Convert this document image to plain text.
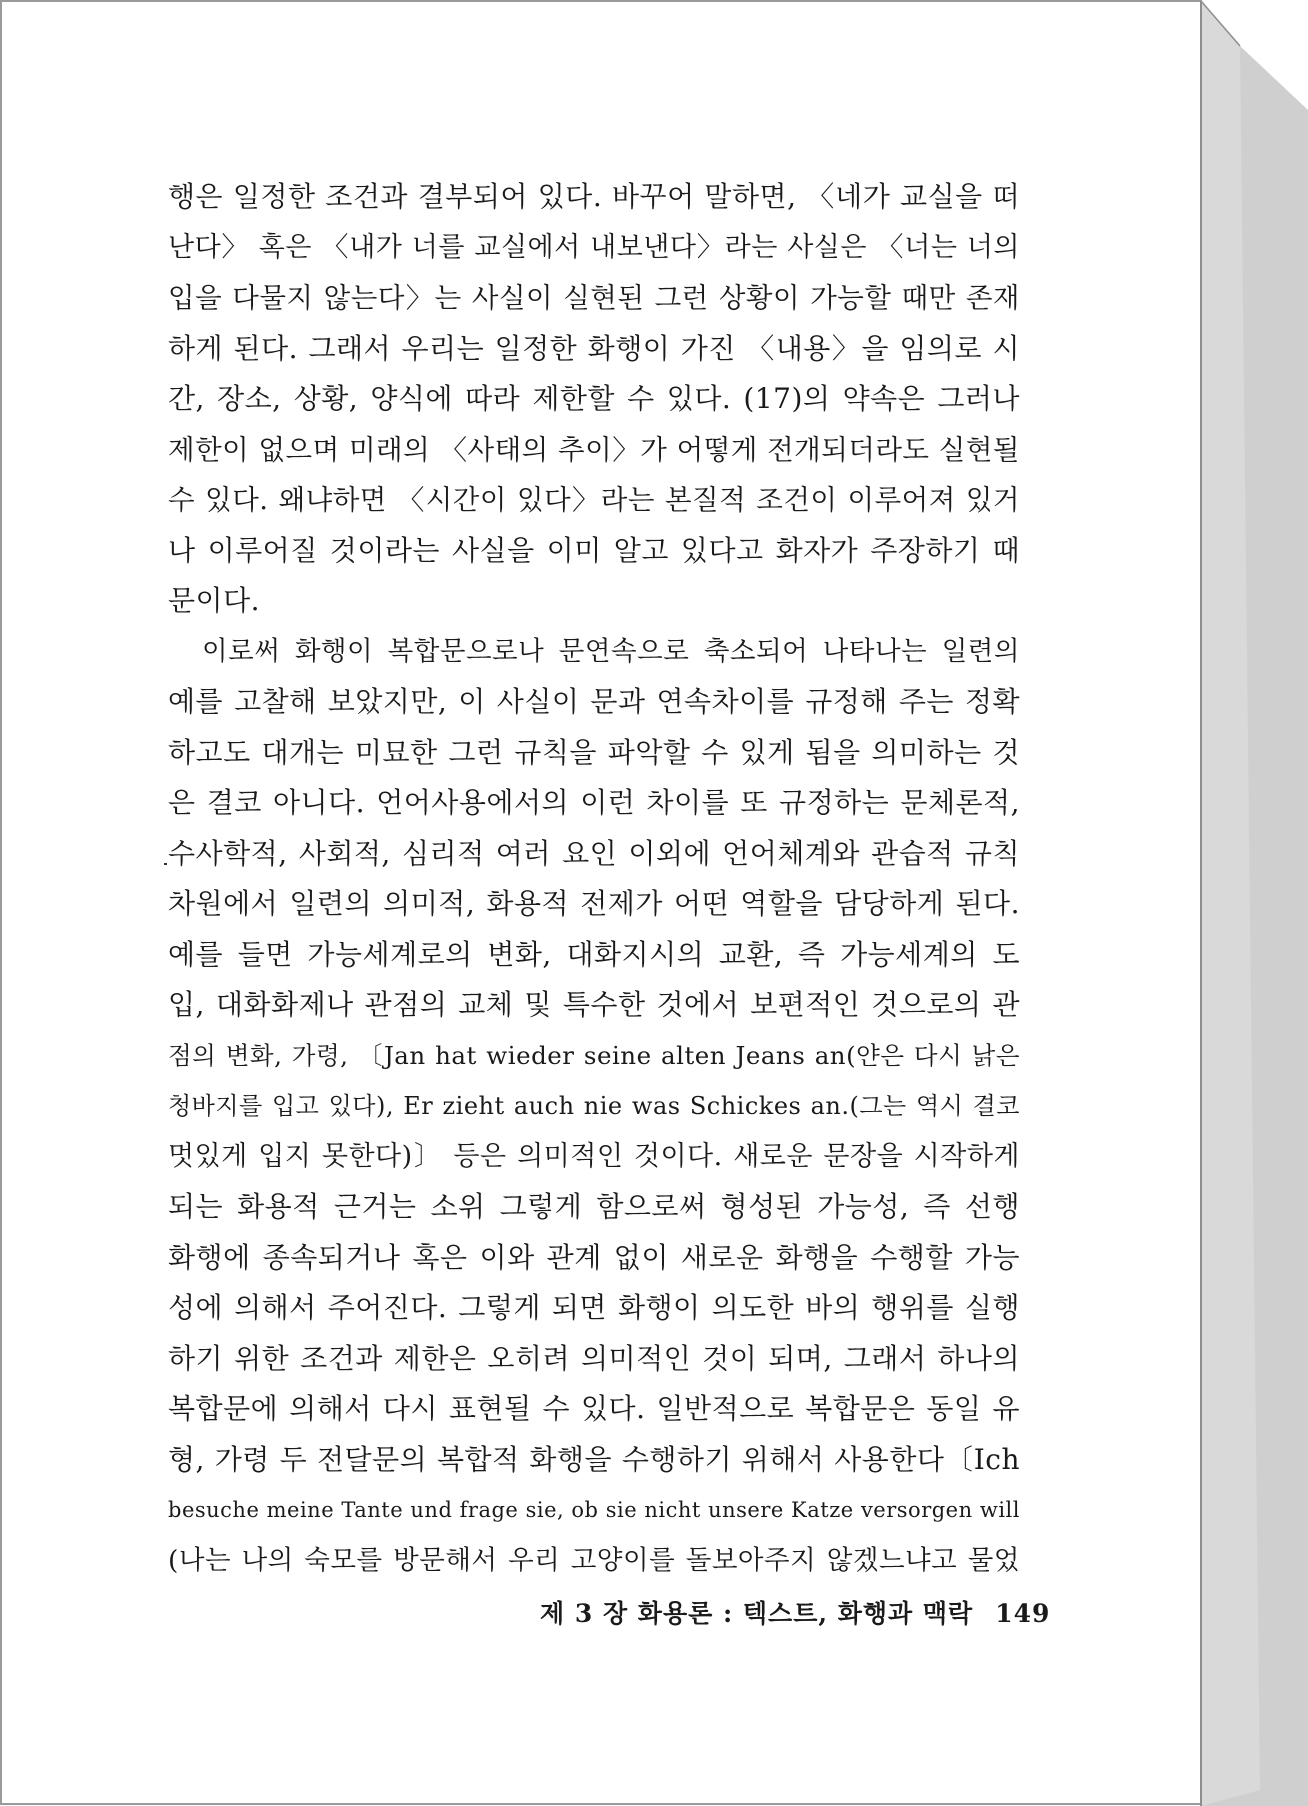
행은 일정한 조건과 결부되어 있다. 바꾸어 말하면, 〈네가 교실을 떠
난다〉 혹은 〈내가 너를 교실에서 내보낸다〉라는 사실은 〈너는 너의
입을 다물지 않는다〉는 사실이 실현된 그런 상황이 가능할 때만 존재
하게 된다. 그래서 우리는 일정한 화행이 가진 〈내용〉을 임의로 시
간, 장소, 상황, 양식에 따라 제한할 수 있다. (17)의 약속은 그러나
제한이 없으며 미래의 〈사태의 추이〉가 어떻게 전개되더라도 실현될
수 있다. 왜냐하면 〈시간이 있다〉라는 본질적 조건이 이루어져 있거
나 이루어질 것이라는 사실을 이미 알고 있다고 화자가 주장하기 때
문이다.
이로써 화행이 복합문으로나 문연속으로 축소되어 나타나는 일련의
예를 고찰해 보았지만, 이 사실이 문과 연속차이를 규정해 주는 정확
하고도 대개는 미묘한 그런 규칙을 파악할 수 있게 됨을 의미하는 것
은 결코 아니다. 언어사용에서의 이런 차이를 또 규정하는 문체론적,
수사학적, 사회적, 심리적 여러 요인 이외에 언어체계와 관습적 규칙
차원에서 일련의 의미적, 화용적 전제가 어떤 역할을 담당하게 된다.
예를 들면 가능세계로의 변화, 대화지시의 교환, 즉 가능세계의 도
입, 대화화제나 관점의 교체 및 특수한 것에서 보편적인 것으로의 관
점의 변화, 가령, 〔Jan hat wieder seine alten Jeans an(얀은 다시 낡은
청바지를 입고 있다), Er zieht auch nie was Schickes an.(그는 역시 결코
멋있게 입지 못한다)〕 등은 의미적인 것이다. 새로운 문장을 시작하게
되는 화용적 근거는 소위 그렇게 함으로써 형성된 가능성, 즉 선행
화행에 종속되거나 혹은 이와 관계 없이 새로운 화행을 수행할 가능
성에 의해서 주어진다. 그렇게 되면 화행이 의도한 바의 행위를 실행
하기 위한 조건과 제한은 오히려 의미적인 것이 되며, 그래서 하나의
복합문에 의해서 다시 표현될 수 있다. 일반적으로 복합문은 동일 유
형, 가령 두 전달문의 복합적 화행을 수행하기 위해서 사용한다〔Ich
besuche meine Tante und frage sie, ob sie nicht unsere Katze versorgen will
(나는 나의 숙모를 방문해서 우리 고양이를 돌보아주지 않겠느냐고 물었
제 3 장 화용론 : 텍스트, 화행과 맥락 149
